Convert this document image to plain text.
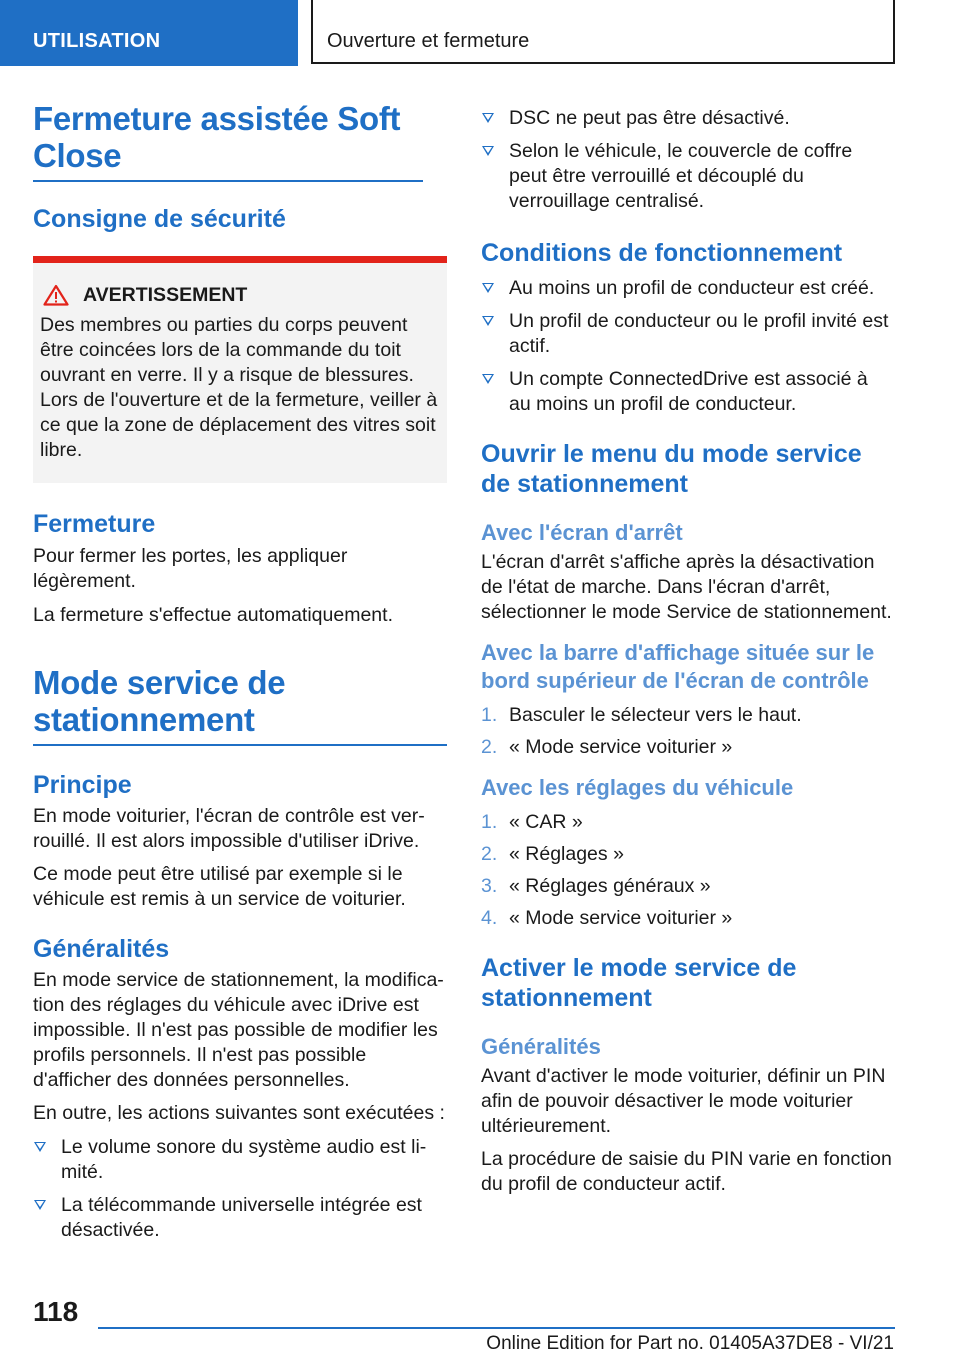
UTILISATION	Ouverture et fermeture
Fermeture assistée Soft Close
Consigne de sécurité
AVERTISSEMENT

Des membres ou parties du corps peuvent être coincées lors de la commande du toit ouvrant en verre. Il y a risque de blessures. Lors de l'ouverture et de la fermeture, veiller à ce que la zone de déplacement des vitres soit libre.

Fermeture

Pour fermer les portes, les appliquer légèrement.

La fermeture s'effectue automatiquement.

Mode service de stationnement
Principe

En mode voiturier, l'écran de contrôle est verrouillé. Il est alors impossible d'utiliser iDrive.

Ce mode peut être utilisé par exemple si le véhicule est remis à un service de voiturier.

Généralités

En mode service de stationnement, la modification des réglages du véhicule avec iDrive est impossible. Il n'est pas possible de modifier les profils personnels. Il n'est pas possible d'afficher des données personnelles.

En outre, les actions suivantes sont exécutées :

Le volume sonore du système audio est limité.
La télécommande universelle intégrée est désactivée.
DSC ne peut pas être désactivé.
Selon le véhicule, le couvercle de coffre peut être verrouillé et découplé du verrouillage centralisé.
Conditions de fonctionnement
Au moins un profil de conducteur est créé.
Un profil de conducteur ou le profil invité est actif.
Un compte ConnectedDrive est associé à au moins un profil de conducteur.
Ouvrir le menu du mode service de stationnement
Avec l'écran d'arrêt

L'écran d'arrêt s'affiche après la désactivation de l'état de marche. Dans l'écran d'arrêt, sélectionner le mode Service de stationnement.

Avec la barre d'affichage située sur le bord supérieur de l'écran de contrôle
1. Basculer le sélecteur vers le haut.
2. « Mode service voiturier »
Avec les réglages du véhicule
1. « CAR »
2. « Réglages »
3. « Réglages généraux »
4. « Mode service voiturier »
Activer le mode service de stationnement
Généralités

Avant d'activer le mode voiturier, définir un PIN afin de pouvoir désactiver le mode voiturier ultérieurement.

La procédure de saisie du PIN varie en fonction du profil de conducteur actif.

118
Online Edition for Part no. 01405A37DE8 - VI/21
